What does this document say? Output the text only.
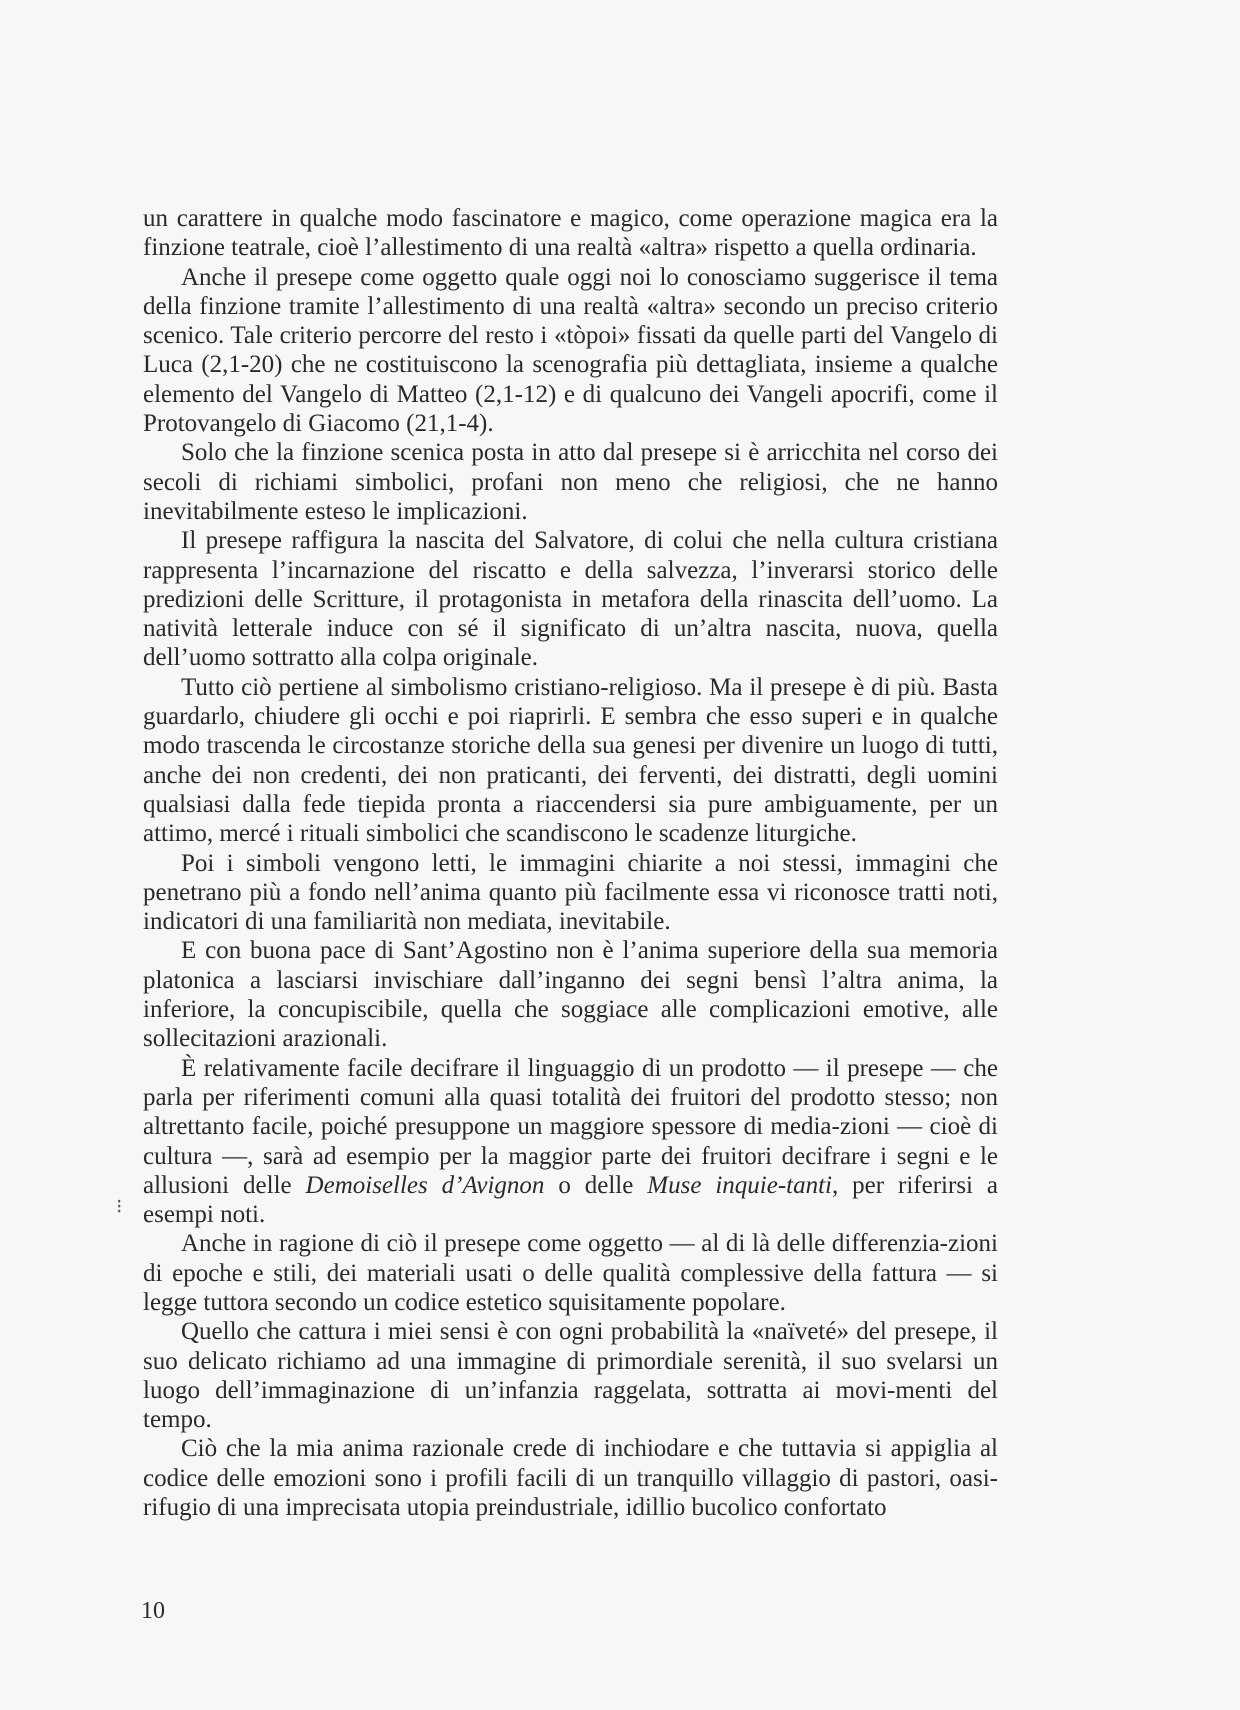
un carattere in qualche modo fascinatore e magico, come operazione magica era la finzione teatrale, cioè l’allestimento di una realtà «altra» rispetto a quella ordinaria.

Anche il presepe come oggetto quale oggi noi lo conosciamo suggerisce il tema della finzione tramite l’allestimento di una realtà «altra» secondo un preciso criterio scenico. Tale criterio percorre del resto i «tòpoi» fissati da quelle parti del Vangelo di Luca (2,1-20) che ne costituiscono la scenografia più dettagliata, insieme a qualche elemento del Vangelo di Matteo (2,1-12) e di qualcuno dei Vangeli apocrifi, come il Protovangelo di Giacomo (21,1-4).

Solo che la finzione scenica posta in atto dal presepe si è arricchita nel corso dei secoli di richiami simbolici, profani non meno che religiosi, che ne hanno inevitabilmente esteso le implicazioni.

Il presepe raffigura la nascita del Salvatore, di colui che nella cultura cristiana rappresenta l’incarnazione del riscatto e della salvezza, l’inverarsi storico delle predizioni delle Scritture, il protagonista in metafora della rinascita dell’uomo. La natività letterale induce con sé il significato di un’altra nascita, nuova, quella dell’uomo sottratto alla colpa originale.

Tutto ciò pertiene al simbolismo cristiano-religioso. Ma il presepe è di più. Basta guardarlo, chiudere gli occhi e poi riaprirli. E sembra che esso superi e in qualche modo trascenda le circostanze storiche della sua genesi per divenire un luogo di tutti, anche dei non credenti, dei non praticanti, dei ferventi, dei distratti, degli uomini qualsiasi dalla fede tiepida pronta a riaccendersi sia pure ambiguamente, per un attimo, mercé i rituali simbolici che scandiscono le scadenze liturgiche.

Poi i simboli vengono letti, le immagini chiarite a noi stessi, immagini che penetrano più a fondo nell’anima quanto più facilmente essa vi riconosce tratti noti, indicatori di una familiarità non mediata, inevitabile.

E con buona pace di Sant’Agostino non è l’anima superiore della sua memoria platonica a lasciarsi invischiare dall’inganno dei segni bensì l’altra anima, la inferiore, la concupiscibile, quella che soggiace alle complicazioni emotive, alle sollecitazioni arazionali.

È relativamente facile decifrare il linguaggio di un prodotto — il presepe — che parla per riferimenti comuni alla quasi totalità dei fruitori del prodotto stesso; non altrettanto facile, poiché presuppone un maggiore spessore di media-zioni — cioè di cultura —, sarà ad esempio per la maggior parte dei fruitori decifrare i segni e le allusioni delle Demoiselles d’Avignon o delle Muse inquie-tanti, per riferirsi a esempi noti.

Anche in ragione di ciò il presepe come oggetto — al di là delle differenzia-zioni di epoche e stili, dei materiali usati o delle qualità complessive della fattura — si legge tuttora secondo un codice estetico squisitamente popolare.

Quello che cattura i miei sensi è con ogni probabilità la «naïveté» del presepe, il suo delicato richiamo ad una immagine di primordiale serenità, il suo svelarsi un luogo dell’immaginazione di un’infanzia raggelata, sottratta ai movi-menti del tempo.

Ciò che la mia anima razionale crede di inchiodare e che tuttavia si appiglia al codice delle emozioni sono i profili facili di un tranquillo villaggio di pastori, oasi- rifugio di una imprecisata utopia preindustriale, idillio bucolico confortato

⁝
10
